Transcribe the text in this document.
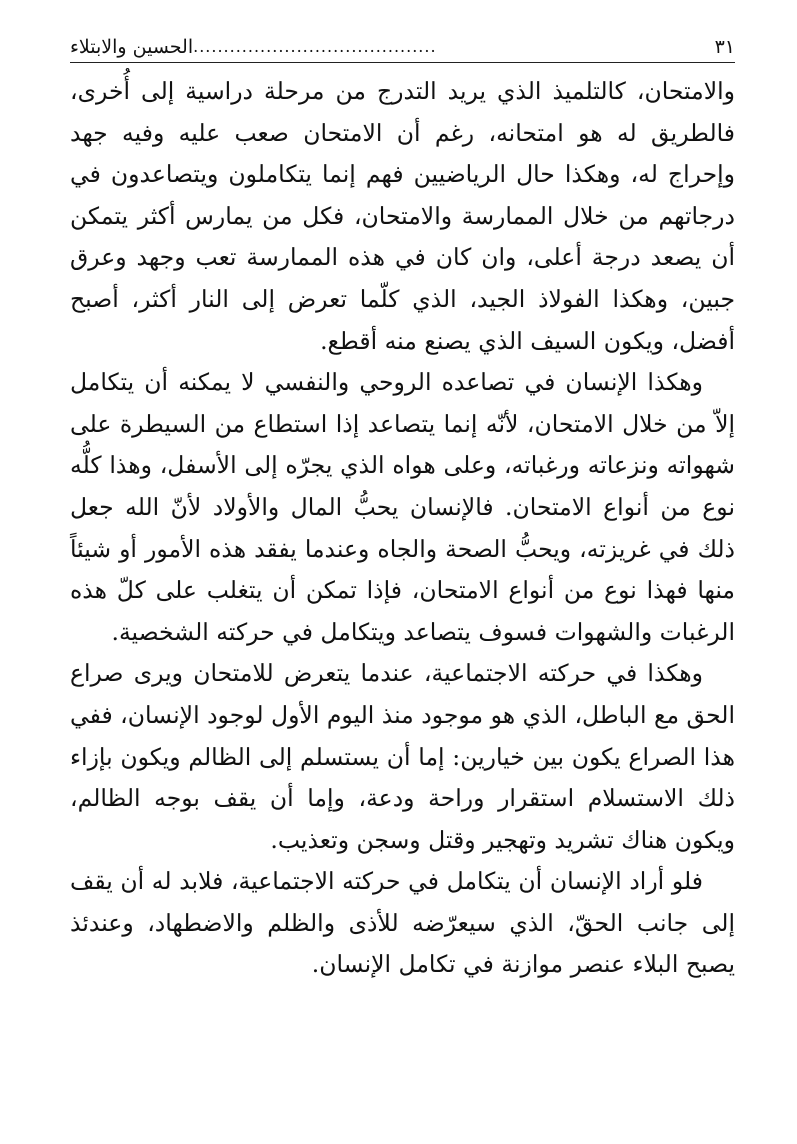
٣١
........................................
الحسين والابتلاء

والامتحان، كالتلميذ الذي يريد التدرج من مرحلة دراسية إلى أُخرى، فالطريق له هو امتحانه، رغم أن الامتحان صعب عليه وفيه جهد وإحراج له، وهكذا حال الرياضيين فهم إنما يتكاملون ويتصاعدون في درجاتهم من خلال الممارسة والامتحان، فكل من يمارس أكثر يتمكن أن يصعد درجة أعلى، وان كان في هذه الممارسة تعب وجهد وعرق جبين، وهكذا الفولاذ الجيد، الذي كلّما تعرض إلى النار أكثر، أصبح أفضل، ويكون السيف الذي يصنع منه أقطع.

وهكذا الإنسان في تصاعده الروحي والنفسي لا يمكنه أن يتكامل إلاّ من خلال الامتحان، لأنّه إنما يتصاعد إذا استطاع من السيطرة على شهواته ونزعاته ورغباته، وعلى هواه الذي يجرّه إلى الأسفل، وهذا كلُّه نوع من أنواع الامتحان. فالإنسان يحبُّ المال والأولاد لأنّ الله جعل ذلك في غريزته، ويحبُّ الصحة والجاه وعندما يفقد هذه الأمور أو شيئاً منها فهذا نوع من أنواع الامتحان، فإذا تمكن أن يتغلب على كلّ هذه الرغبات والشهوات فسوف يتصاعد ويتكامل في حركته الشخصية.

وهكذا في حركته الاجتماعية، عندما يتعرض للامتحان ويرى صراع الحق مع الباطل، الذي هو موجود منذ اليوم الأول لوجود الإنسان، ففي هذا الصراع يكون بين خيارين: إما أن يستسلم إلى الظالم ويكون بإزاء ذلك الاستسلام استقرار وراحة ودعة، وإما أن يقف بوجه الظالم، ويكون هناك تشريد وتهجير وقتل وسجن وتعذيب.

فلو أراد الإنسان أن يتكامل في حركته الاجتماعية، فلابد له أن يقف إلى جانب الحقّ، الذي سيعرّضه للأذى والظلم والاضطهاد، وعندئذ يصبح البلاء عنصر موازنة في تكامل الإنسان.
